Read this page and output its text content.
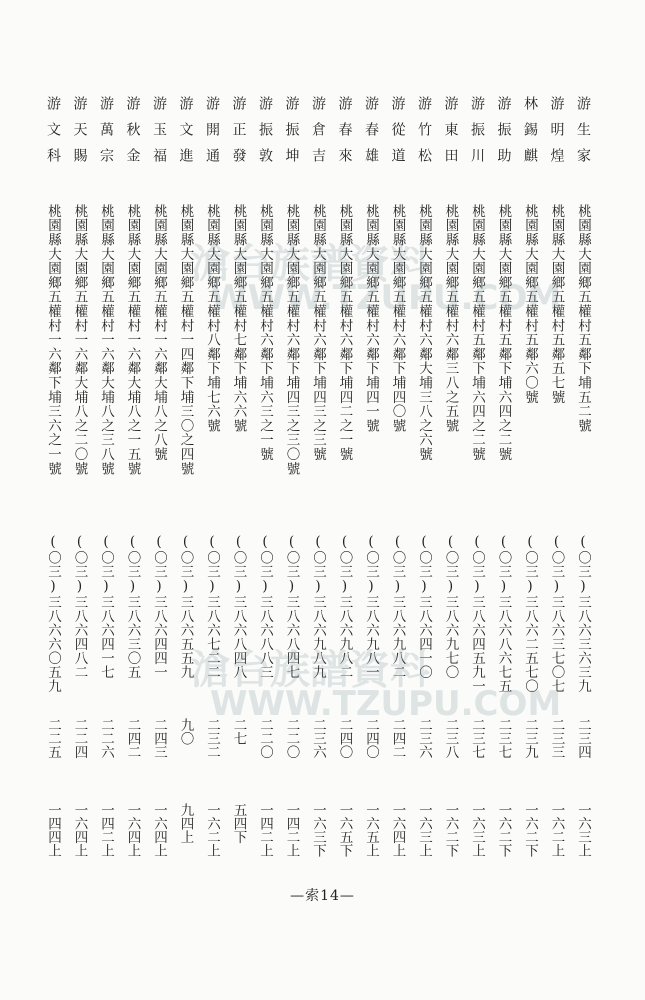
游生家
桃園縣大園鄉五權村五鄰下埔五二號
(〇三)三八六三六三九
二三四
一六三上
游明煌
桃園縣大園鄉五權村五鄰五七號
(〇三)三八六三七〇七
二三三
一六二上
林錫麒
桃園縣大園鄉五權村五鄰六〇號
(〇三)三八六二五七〇
二三九
一六二下
游振助
桃園縣大園鄉五權村五鄰下埔六四之二號
(〇三)三八六八六七五
二三七
一六二下
游振川
桃園縣大園鄉五權村五鄰下埔六四之二號
(〇三)三八六四五九一
二三七
一六三上
游東田
桃園縣大園鄉五權村六鄰三八之五號
(〇三)三八六九七〇
二三八
一六二下
游竹松
桃園縣大園鄉五權村六鄰大埔三八之六號
(〇三)三八六四一〇
二三六
一六三上
游從道
桃園縣大園鄉五權村六鄰下埔四〇號
(〇三)三八六九八二
二四二
一六四上
游春雄
桃園縣大園鄉五權村六鄰下埔四一號
(〇三)三八六九八一
二四〇
一六五上
游春來
桃園縣大園鄉五權村六鄰下埔四二之一號
(〇三)三八六九八二
二四〇
一六五下
游倉吉
桃園縣大園鄉五權村六鄰下埔四三之三號
(〇三)三八六九八九
二三六
一六三下
游振坤
桃園縣大園鄉五權村六鄰下埔四三之三〇號
(〇三)三八六八四七
二二〇
一四二上
游振敦
桃園縣大園鄉五權村六鄰下埔六三之一號
(〇三)三八六八八三
二二〇
一四二上
游正發
桃園縣大園鄉五權村七鄰下埔六六號
(〇三)三八六八四八
二七
五四下
游開通
桃園縣大園鄉五權村八鄰下埔七六號
(〇三)三八六七二二
二三二
一六二上
游文進
桃園縣大園鄉五權村一四鄰下埔三〇之四號
(〇三)三八六五五九
九〇
九四上
游玉福
桃園縣大園鄉五權村一六鄰大埔八之八號
(〇三)三八六四四一
二四三
一六四上
游秋金
桃園縣大園鄉五權村一六鄰大埔八之一五號
(〇三)三八六三〇五
二四二
一六四上
游萬宗
桃園縣大園鄉五權村一六鄰大埔八之三八號
(〇三)三八六四一七
二二六
一四二上
游天賜
桃園縣大園鄉五權村一六鄰大埔八之二〇號
(〇三)三八六四八二
二二四
一六四上
游文科
桃園縣大園鄉五權村一六鄰下埔三六之一號
(〇三)三八六六〇五九
二二五
一四四上
滄台族譜資料
WWW.TZUPU.COM
滄台族譜資料
WWW.TZUPU.COM
—索14—
